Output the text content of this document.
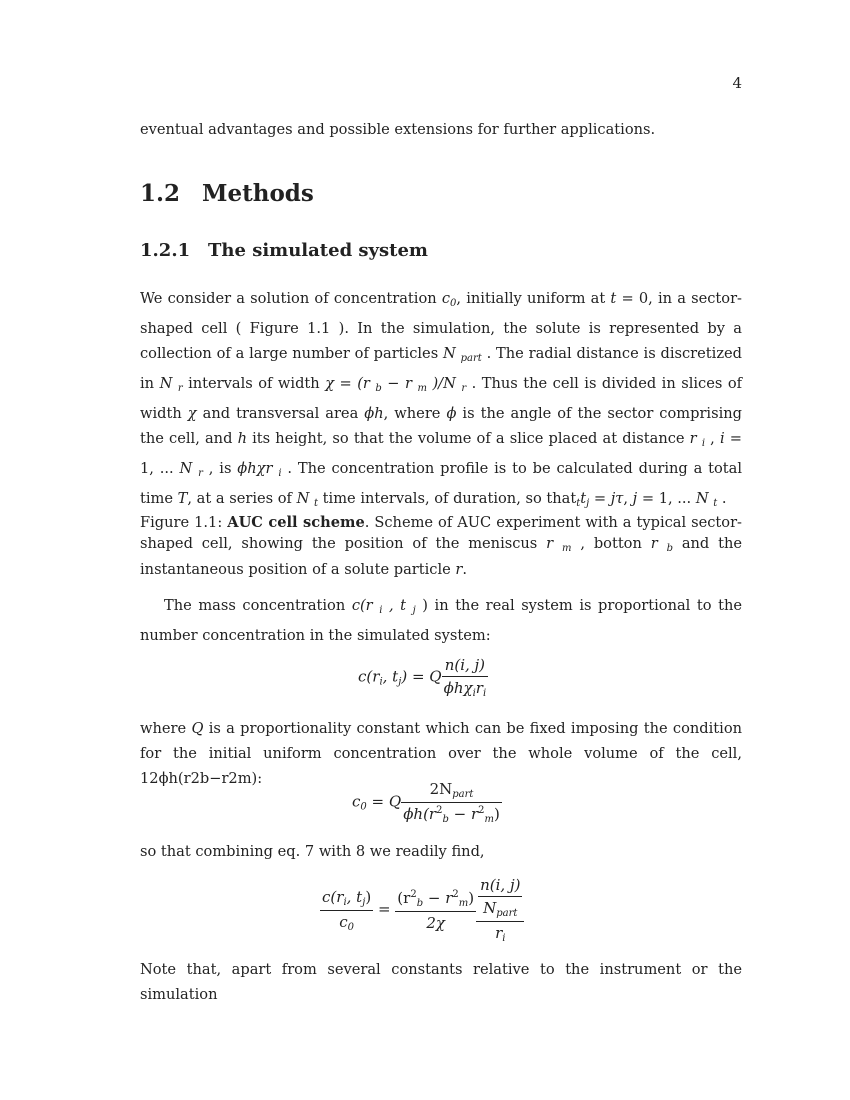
4

eventual advantages and possible extensions for further applications.

1.2 Methods
1.2.1 The simulated system

We consider a solution of concentration $c_0$, initially uniform at t = 0, in a sector-shaped cell ( Figure 1.1 ). In the simulation, the solute is represented by a collection of a large number of particles N $_{part}$ . The radial distance is discretized in N $_r$ intervals of width χ = (r $_b$ − r $_m$ )/N $_r$ . Thus the cell is divided in slices of width χ and transversal area ϕh, where ϕ is the angle of the sector comprising the cell, and h its height, so that the volume of a slice placed at distance r $_i$ , i = 1, ... N $_r$ , is ϕhχr $_i$ . The concentration profile is to be calculated during a total time T, at a series of N $_t$ time intervals, of duration, so $that_tt_j = j\tau$, j = 1, ... N $_t$ .

Figure 1.1: AUC cell scheme. Scheme of AUC experiment with a typical sector-shaped cell, showing the position of the meniscus r $_m$ , botton r $_b$ and the instantaneous position of a solute particle r.

The mass concentration c(r $_i$ , t $_j$ ) in the real system is proportional to the number concentration in the simulated system:

$c(r_i$, $t_j) = Q \frac{n(i, j)}{\phi h\chi_ir_i}$

where Q is a proportionality constant which can be fixed imposing the condition for the initial uniform concentration over the whole volume of the cell, 12ϕh(r2b−r2m):

$c_0 = Q \frac{2N_{part}}{\phi h(r^2_b - r^2_m)}$

so that combining eq. 7 with 8 we readily find,

$\frac{c(r_i, t_j)}{c_0} = \frac{(r^2_b - r^2_m)}{2\chi} \frac{\frac{n(i, j)}{N_{part}}}{r_i}$

Note that, apart from several constants relative to the instrument or the simulation
